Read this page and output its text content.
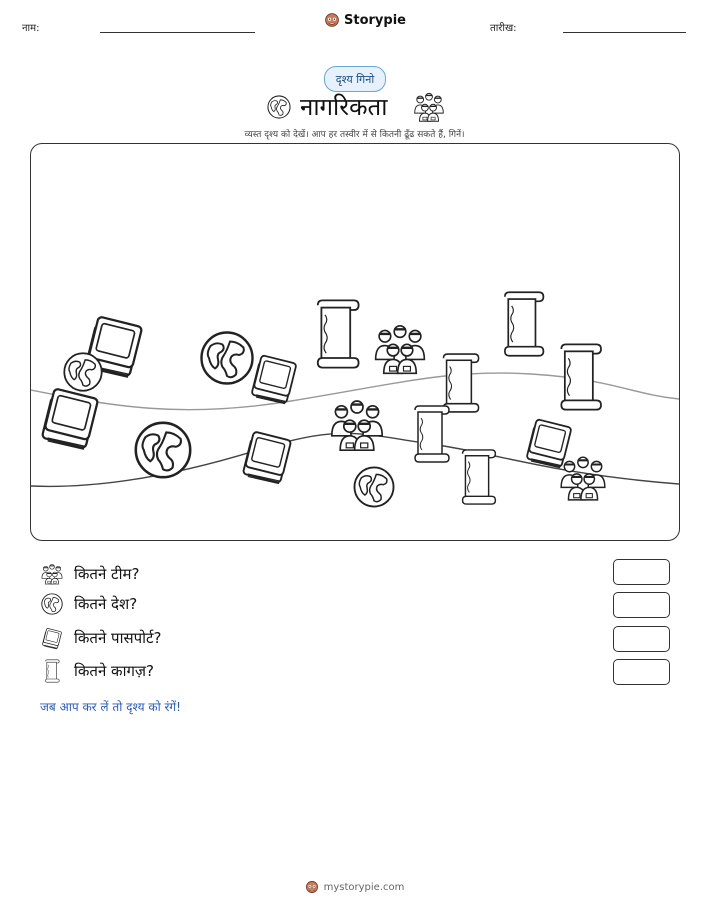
नाम:
Storypie
तारीख:
दृश्य गिनो
नागरिकता
व्यस्त दृश्य को देखें। आप हर तस्वीर में से कितनी ढूँढ सकते हैं, गिनें।
कितने टीम?
कितने देश?
कितने पासपोर्ट?
कितने कागज़?
जब आप कर लें तो दृश्य को रंगें!
mystorypie.com
